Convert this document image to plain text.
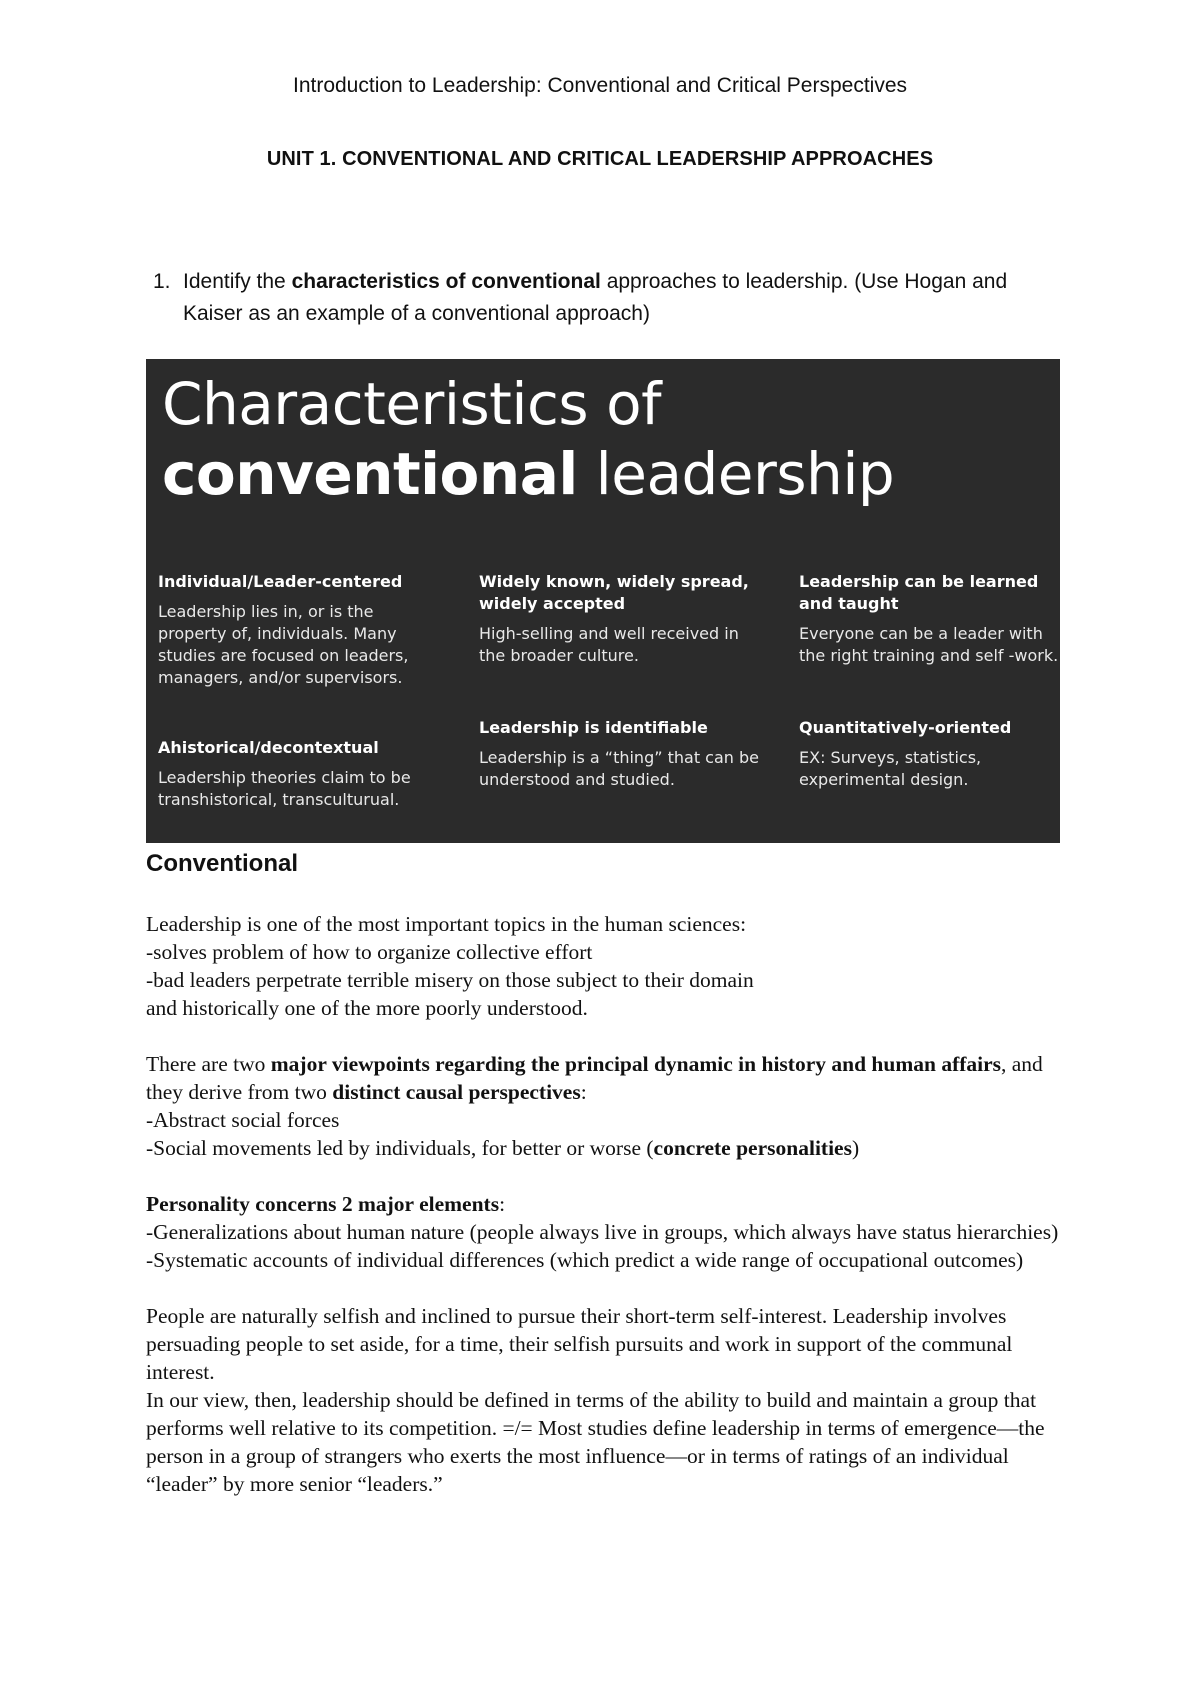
Introduction to Leadership: Conventional and Critical Perspectives
UNIT 1. CONVENTIONAL AND CRITICAL LEADERSHIP APPROACHES
1. Identify the characteristics of conventional approaches to leadership. (Use Hogan and Kaiser as an example of a conventional approach)
Characteristics of
conventional leadership

Individual/Leader-centered

Leadership lies in, or is the property of, individuals. Many studies are focused on leaders, managers, and/or supervisors.

Ahistorical/decontextual

Leadership theories claim to be transhistorical, transculturual.

Widely known, widely spread, widely accepted

High-selling and well received in the broader culture.

Leadership is identifiable

Leadership is a “thing” that can be understood and studied.

Leadership can be learned and taught

Everyone can be a leader with the right training and self -work.

Quantitatively-oriented

EX: Surveys, statistics, experimental design.

Conventional

Leadership is one of the most important topics in the human sciences:
-solves problem of how to organize collective effort
-bad leaders perpetrate terrible misery on those subject to their domain
and historically one of the more poorly understood.

There are two major viewpoints regarding the principal dynamic in history and human affairs, and they derive from two distinct causal perspectives:
-Abstract social forces
-Social movements led by individuals, for better or worse (concrete personalities)

Personality concerns 2 major elements:
-Generalizations about human nature (people always live in groups, which always have status hierarchies)
-Systematic accounts of individual differences (which predict a wide range of occupational outcomes)

People are naturally selfish and inclined to pursue their short-term self-interest. Leadership involves persuading people to set aside, for a time, their selfish pursuits and work in support of the communal interest.
In our view, then, leadership should be defined in terms of the ability to build and maintain a group that performs well relative to its competition. =/= Most studies define leadership in terms of emergence—the person in a group of strangers who exerts the most influence—or in terms of ratings of an individual “leader” by more senior “leaders.”
